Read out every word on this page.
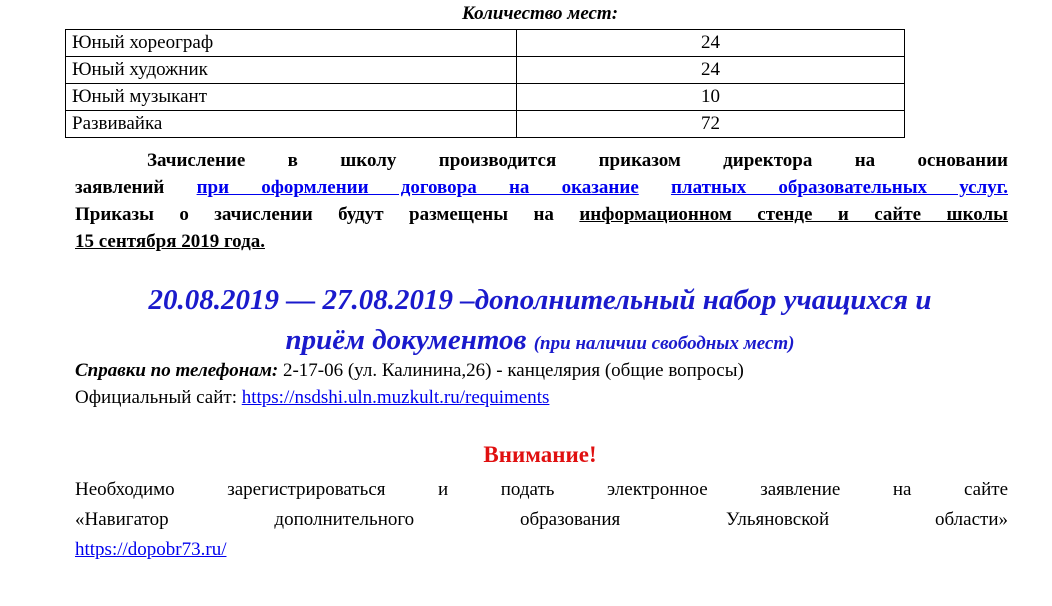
Количество мест:
Юный хореограф	24
Юный художник	24
Юный музыкант	10
Развивайка	72
Зачисление в школу производится приказом директора на основании
заявлений при оформлении договора на оказание платных образовательных услуг.
Приказы о зачислении будут размещены на информационном стенде и сайте школы
15 сентября 2019 года.
20.08.2019 — 27.08.2019 –дополнительный набор учащихся и
приём документов (при наличии свободных мест)
Справки по телефонам: 2-17-06 (ул. Калинина,26) - канцелярия (общие вопросы)
Официальный сайт: https://nsdshi.uln.muzkult.ru/requiments
Внимание!
Необходимо зарегистрироваться и подать электронное заявление на сайте
«Навигатор дополнительного образования Ульяновской области»
https://dopobr73.ru/
